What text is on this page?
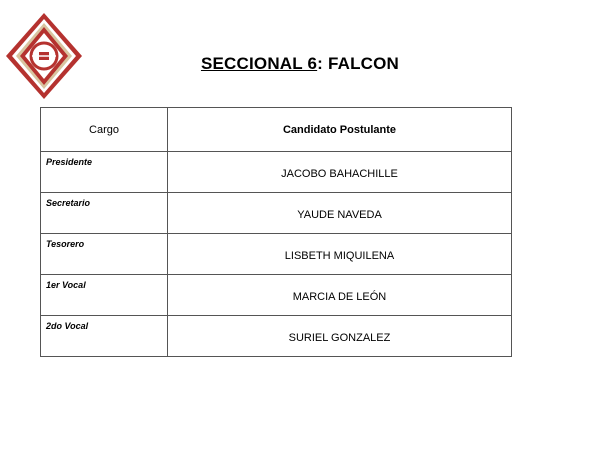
SECCIONAL 6: FALCON
Cargo	Candidato Postulante
Presidente	JACOBO BAHACHILLE
Secretario	YAUDE NAVEDA
Tesorero	LISBETH MIQUILENA
1er Vocal	MARCIA DE LEÓN
2do Vocal	SURIEL GONZALEZ
